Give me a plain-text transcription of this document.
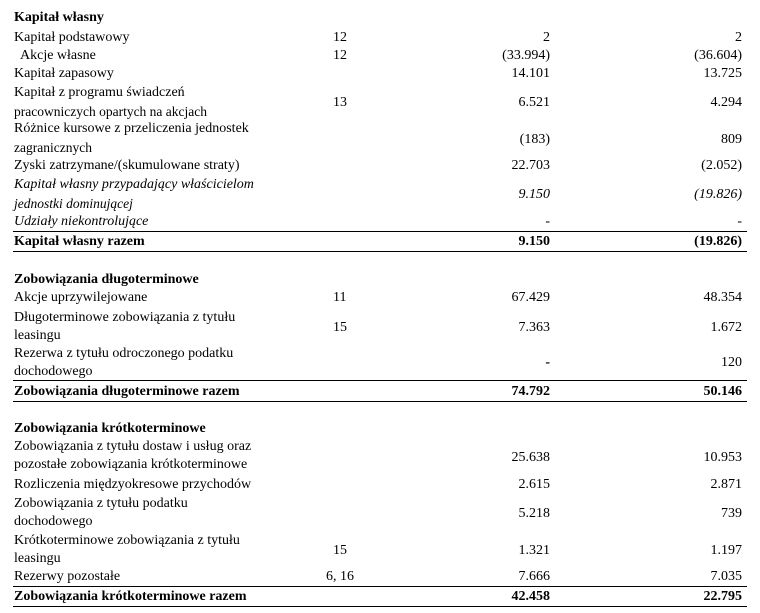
Kapitał własny
Kapitał podstawowy	12	2	2
Akcje własne	12	(33.994)	(36.604)
Kapitał zapasowy	14.101	13.725
Kapitał z programu świadczeń
pracowniczych opartych na akcjach
13	6.521	4.294
Różnice kursowe z przeliczenia jednostek
zagranicznych
(183)	809
Zyski zatrzymane/(skumulowane straty)	22.703	(2.052)
Kapitał własny przypadający właścicielom
jednostki dominującej
9.150	(19.826)
Udziały niekontrolujące	-	-
Kapitał własny razem	9.150	(19.826)
Zobowiązania długoterminowe
Akcje uprzywilejowane	11	67.429	48.354
Długoterminowe zobowiązania z tytułu
leasingu
15	7.363	1.672
Rezerwa z tytułu odroczonego podatku
dochodowego
-	120
Zobowiązania długoterminowe razem	74.792	50.146
Zobowiązania krótkoterminowe
Zobowiązania z tytułu dostaw i usług oraz
pozostałe zobowiązania krótkoterminowe	25.638	10.953
Rozliczenia międzyokresowe przychodów	2.615	2.871
Zobowiązania z tytułu podatku
dochodowego
5.218	739
Krótkoterminowe zobowiązania z tytułu
leasingu
15	1.321	1.197
Rezerwy pozostałe	6, 16	7.666	7.035
Zobowiązania krótkoterminowe razem	42.458	22.795
